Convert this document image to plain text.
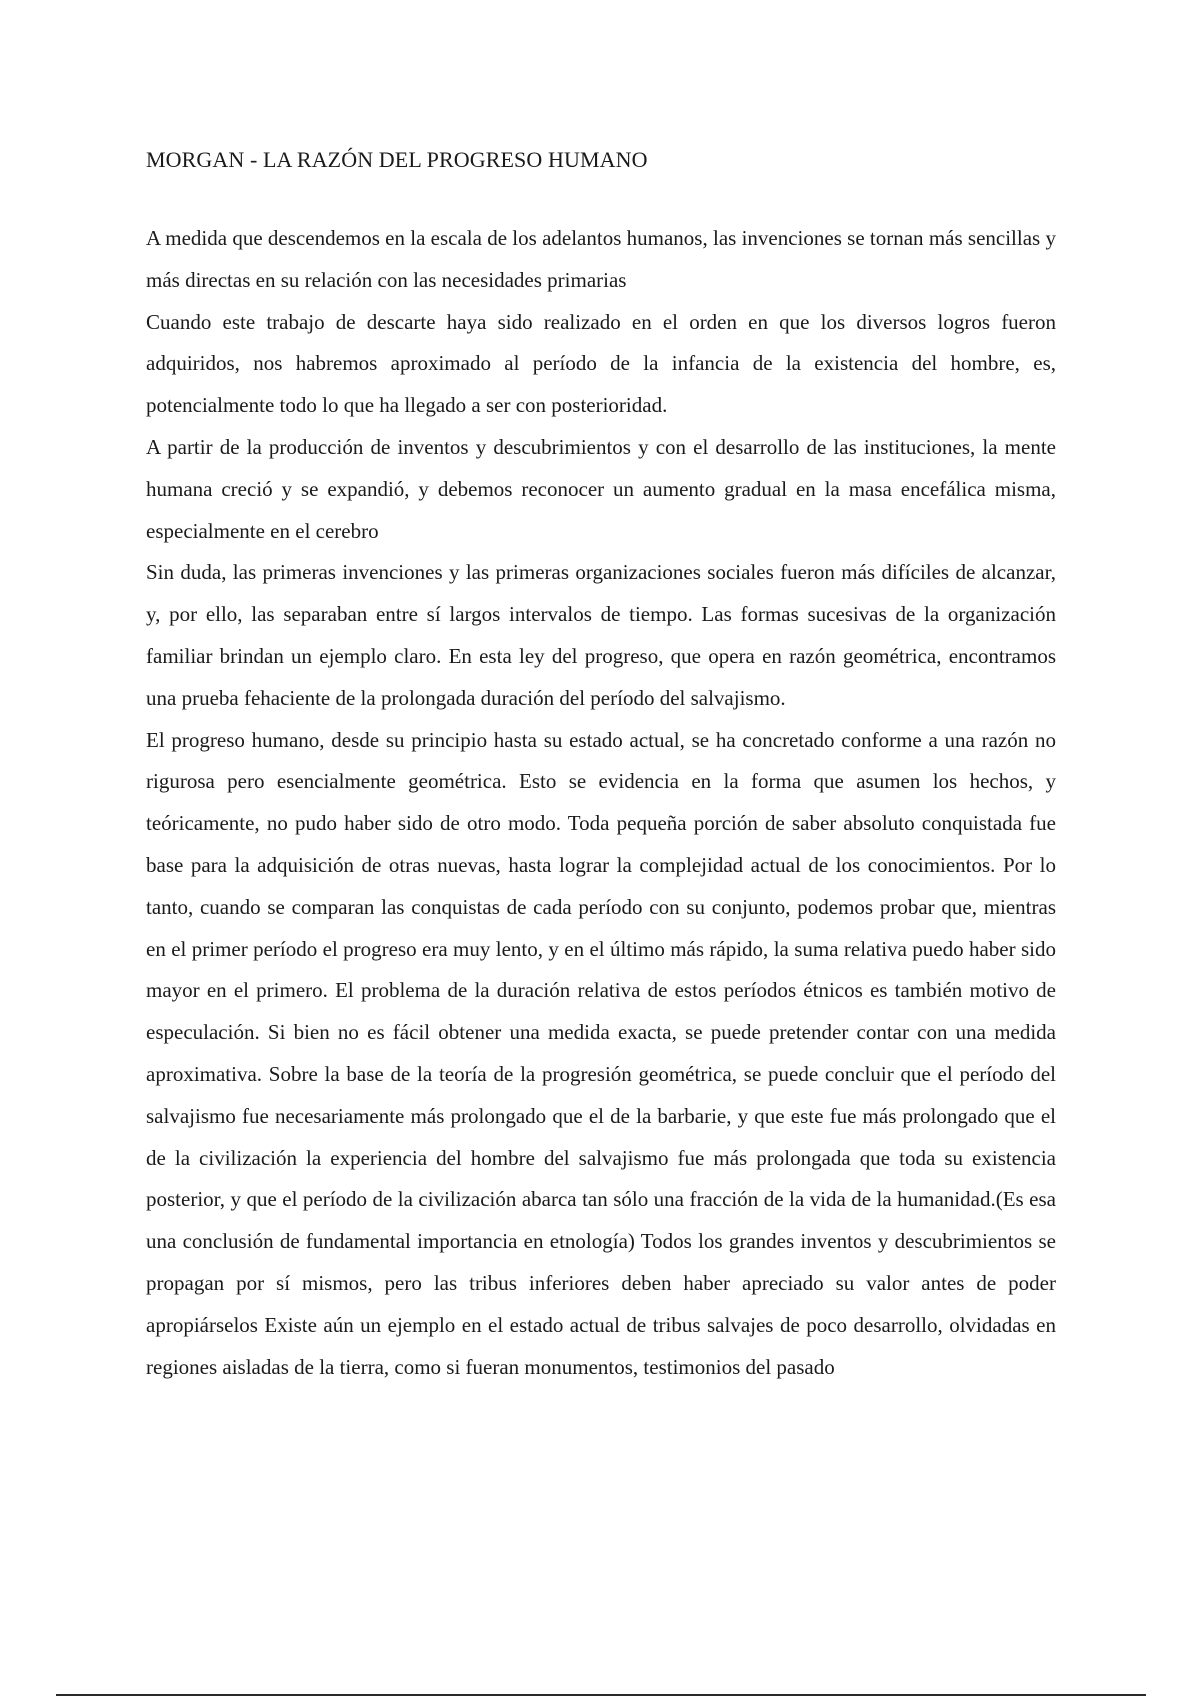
MORGAN - LA RAZÓN DEL PROGRESO HUMANO

A medida que descendemos en la escala de los adelantos humanos, las invenciones se tornan más sencillas y más directas en su relación con las necesidades primarias

Cuando este trabajo de descarte haya sido realizado en el orden en que los diversos logros fueron adquiridos, nos habremos aproximado al período de la infancia de la existencia del hombre, es, potencialmente todo lo que ha llegado a ser con posterioridad.

A partir de la producción de inventos y descubrimientos y con el desarrollo de las instituciones, la mente humana creció y se expandió, y debemos reconocer un aumento gradual en la masa encefálica misma, especialmente en el cerebro

Sin duda, las primeras invenciones y las primeras organizaciones sociales fueron más difíciles de alcanzar, y, por ello, las separaban entre sí largos intervalos de tiempo. Las formas sucesivas de la organización familiar brindan un ejemplo claro. En esta ley del progreso, que opera en razón geométrica, encontramos una prueba fehaciente de la prolongada duración del período del salvajismo.

El progreso humano, desde su principio hasta su estado actual, se ha concretado conforme a una razón no rigurosa pero esencialmente geométrica. Esto se evidencia en la forma que asumen los hechos, y teóricamente, no pudo haber sido de otro modo. Toda pequeña porción de saber absoluto conquistada fue base para la adquisición de otras nuevas, hasta lograr la complejidad actual de los conocimientos. Por lo tanto, cuando se comparan las conquistas de cada período con su conjunto, podemos probar que, mientras en el primer período el progreso era muy lento, y en el último más rápido, la suma relativa puedo haber sido mayor en el primero. El problema de la duración relativa de estos períodos étnicos es también motivo de especulación. Si bien no es fácil obtener una medida exacta, se puede pretender contar con una medida aproximativa. Sobre la base de la teoría de la progresión geométrica, se puede concluir que el período del salvajismo fue necesariamente más prolongado que el de la barbarie, y que este fue más prolongado que el de la civilización la experiencia del hombre del salvajismo fue más prolongada que toda su existencia posterior, y que el período de la civilización abarca tan sólo una fracción de la vida de la humanidad.(Es esa una conclusión de fundamental importancia en etnología) Todos los grandes inventos y descubrimientos se propagan por sí mismos, pero las tribus inferiores deben haber apreciado su valor antes de poder apropiárselos Existe aún un ejemplo en el estado actual de tribus salvajes de poco desarrollo, olvidadas en regiones aisladas de la tierra, como si fueran monumentos, testimonios del pasado
